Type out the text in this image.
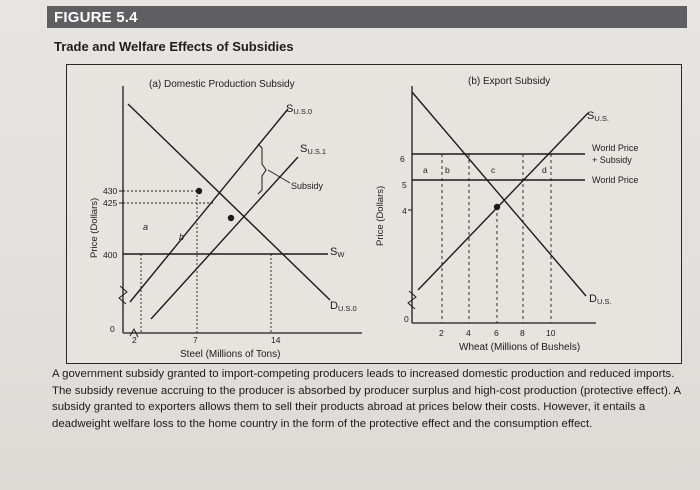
FIGURE 5.4
Trade and Welfare Effects of Subsidies
(a) Domestic Production Subsidy
Price (Dollars)
Steel (Millions of Tons)
430
425
400
0
2	7	14
SU.S.0
SU.S.1
Subsidy
SW
DU.S.0
a
b
(b) Export Subsidy
Price (Dollars)
Wheat (Millions of Bushels)
6
5
4
0
2	4	6	8	10
a b	c	d
SU.S.
World Price
+ Subsidy
World Price
DU.S.

A government subsidy granted to import-competing producers leads to increased domestic production and reduced imports. The subsidy revenue accruing to the producer is absorbed by producer surplus and high-cost production (protective effect). A subsidy granted to exporters allows them to sell their products abroad at prices below their costs. However, it entails a deadweight welfare loss to the home country in the form of the protective effect and the consumption effect.
